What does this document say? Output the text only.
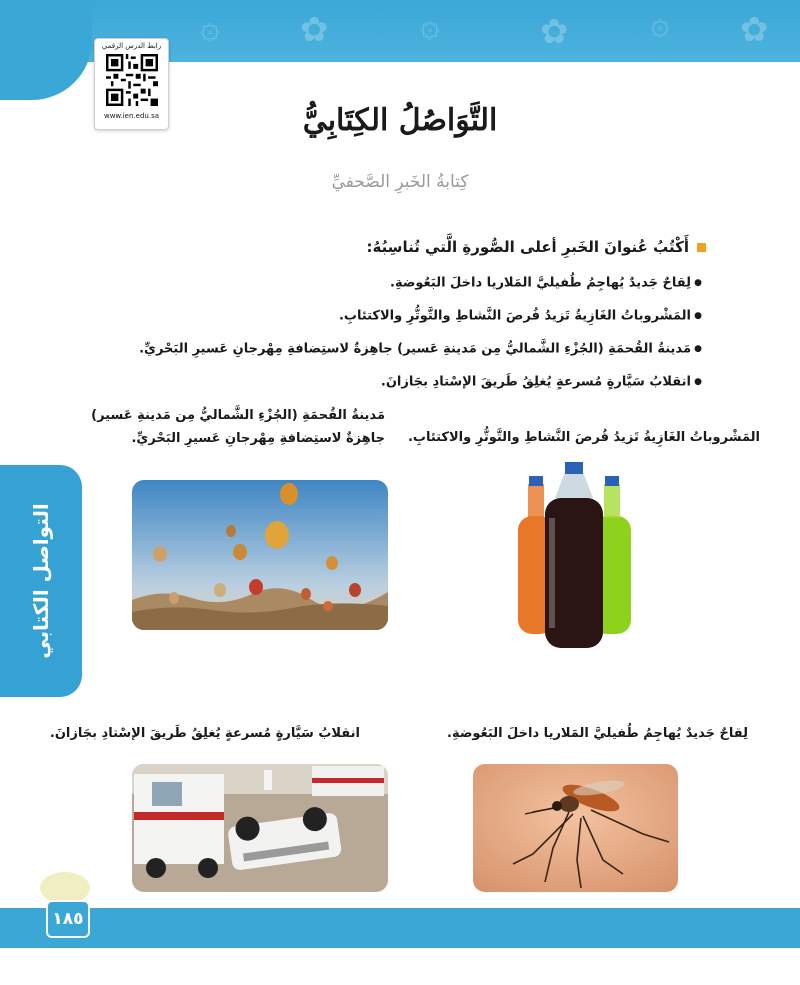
۞ ✿	۞	✿ ۞ ✿
رابط الدرس الرقمي
www.ien.edu.sa	التَّوَاصُلُ الكِتَابِيُّ
كِتابةُ الخَبرِ الصَّحفيِّ
أَكْتُبُ عُنوانَ الخَبرِ أعلى الصُّورةِ الَّتي تُناسِبُهُ:
● لِقاحٌ جَديدٌ يُهاجِمُ طُفيليَّ المَلاريا داخلَ البَعُوضةِ.
● المَشْروباتُ الغَازِيةُ تَزيدُ فُرصَ النَّشاطِ والتَّوتُّرِ والاكتئابِ.
● مَدينةُ القُحمَةِ (الجُزْءِ الشَّماليُّ مِن مَدينةِ عَسير) جاهِزةٌ لاستِضافةِ مِهْرجانِ عَسيرِ البَحْريِّ.
● انقلابُ سَيَّارةٍ مُسرعةٍ يُغلِقُ طَريقَ الإسْتادِ بجَازانَ.
التواصل الكتابي
مَدينةُ القُحمَةِ (الجُزْءِ الشَّماليُّ مِن مَدينةِ عَسير)
جاهِزةٌ لاستِضافةِ مِهْرجانِ عَسيرِ البَحْريِّ.	المَشْروباتُ الغَازِيةُ تَزيدُ فُرصَ النَّشاطِ والتَّوتُّرِ والاكتئابِ.
انقلابُ سَيَّارةٍ مُسرعةٍ يُغلِقُ طَريقَ الإسْتادِ بجَازانَ.	لِقاحٌ جَديدٌ يُهاجِمُ طُفيليَّ المَلاريا داخلَ البَعُوضةِ.
١٨٥
